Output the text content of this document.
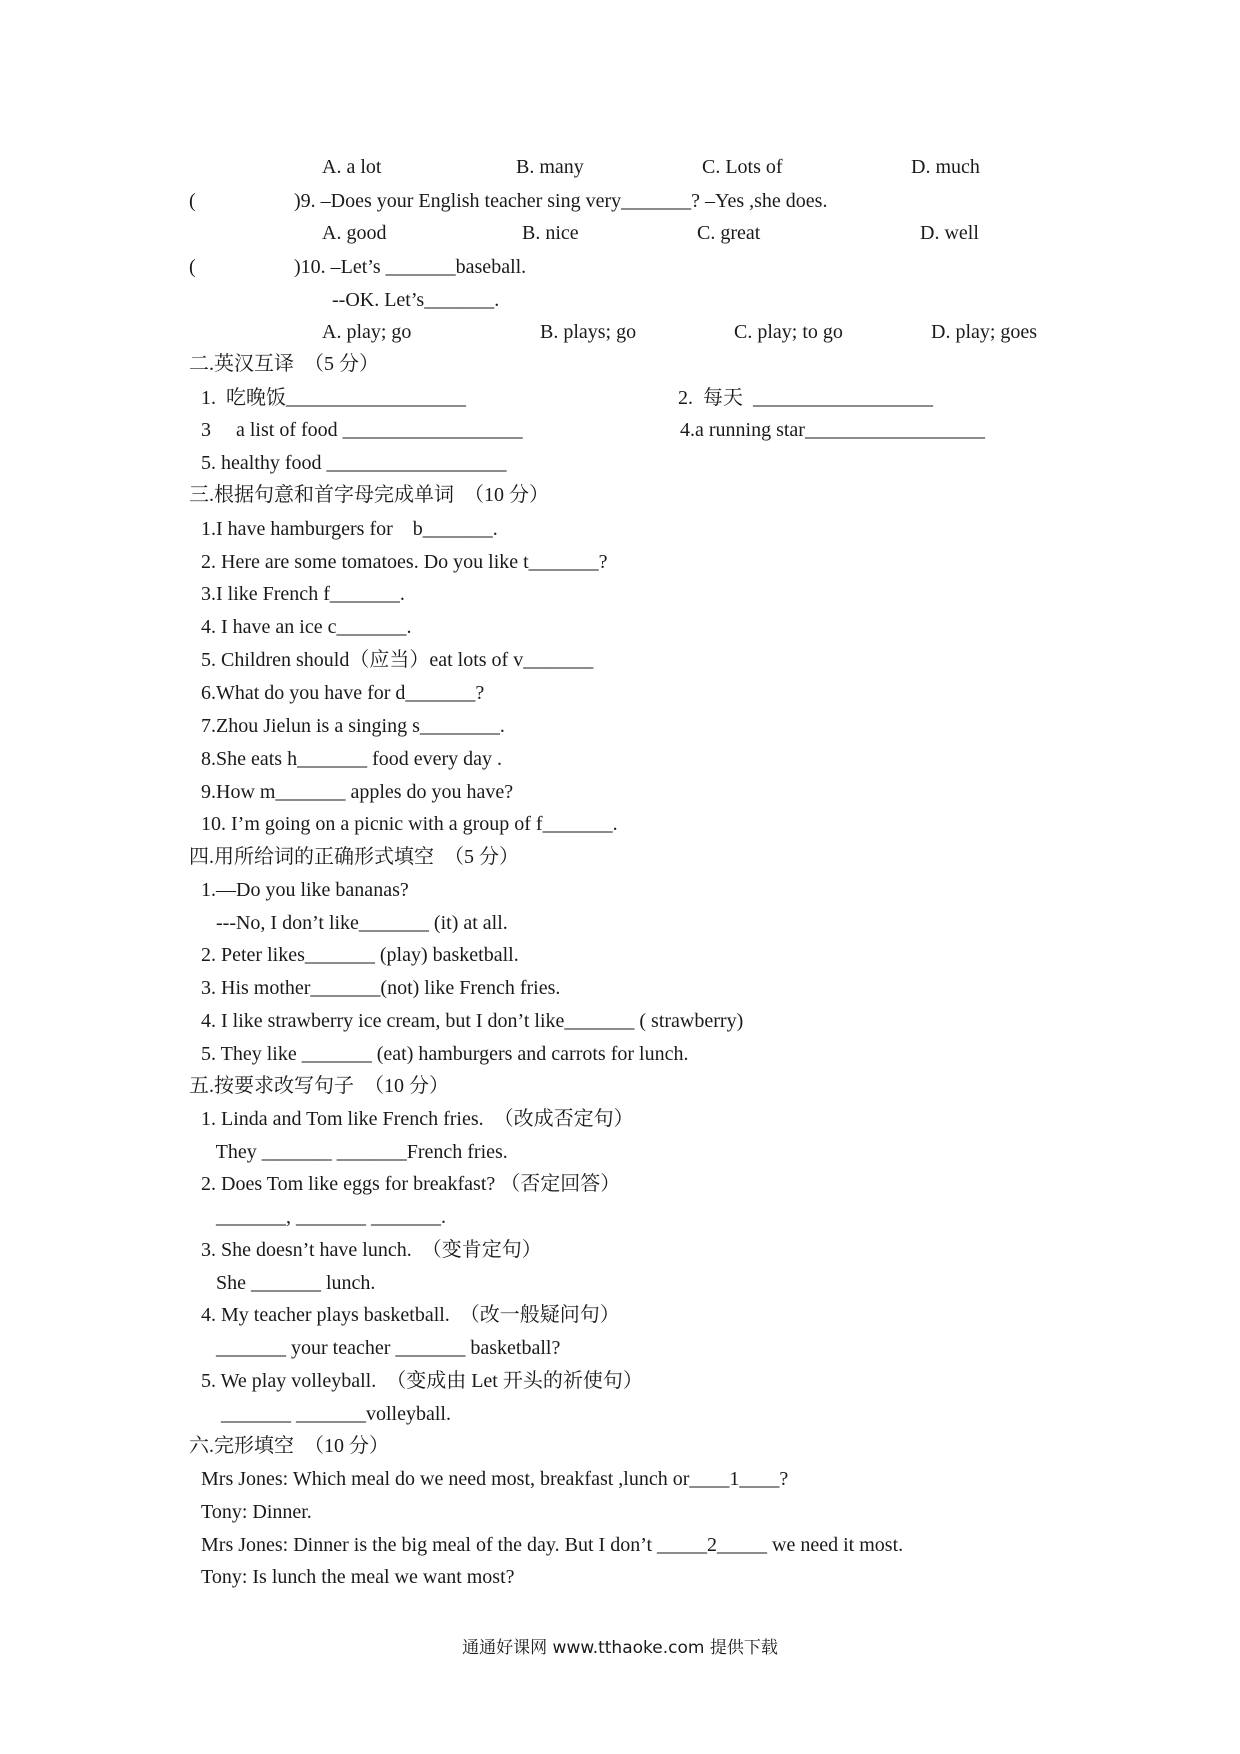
A. a lot	B. many	C. Lots of	D. much
(	)9. –Does your English teacher sing very_______? –Yes ,she does.
A. good	B. nice	C. great	D. well
(	)10. –Let’s _______baseball.
--OK. Let’s_______.
A. play; go	B. plays; go	C. play; to go	D. play; goes
二.英汉互译　（5 分）
1.  吃晚饭__________________	2.  每天  __________________
3     a list of food __________________	4.a running star__________________
5. healthy food __________________
三.根据句意和首字母完成单词　（10 分）
1.I have hamburgers for    b_______.
2. Here are some tomatoes. Do you like t_______?
3.I like French f_______.
4. I have an ice c_______.
5. Children should（应当）eat lots of v_______
6.What do you have for d_______?
7.Zhou Jielun is a singing s________.
8.She eats h_______ food every day .
9.How m_______ apples do you have?
10. I’m going on a picnic with a group of f_______.
四.用所给词的正确形式填空　（5 分）
1.—Do you like bananas?
---No, I don’t like_______ (it) at all.
2. Peter likes_______ (play) basketball.
3. His mother_______(not) like French fries.
4. I like strawberry ice cream, but I don’t like_______ ( strawberry)
5. They like _______ (eat) hamburgers and carrots for lunch.
五.按要求改写句子　（10 分）
1. Linda and Tom like French fries.  （改成否定句）
They _______ _______French fries.
2. Does Tom like eggs for breakfast? （否定回答）
_______, _______ _______.
3. She doesn’t have lunch.  （变肯定句）
She _______ lunch.
4. My teacher plays basketball.  （改一般疑问句）
_______ your teacher _______ basketball?
5. We play volleyball.  （变成由 Let 开头的祈使句）
_______ _______volleyball.
六.完形填空　（10 分）
Mrs Jones: Which meal do we need most, breakfast ,lunch or____1____?
Tony: Dinner.
Mrs Jones: Dinner is the big meal of the day. But I don’t _____2_____ we need it most.
Tony: Is lunch the meal we want most?
通通好课网 www.tthaoke.com 提供下载
